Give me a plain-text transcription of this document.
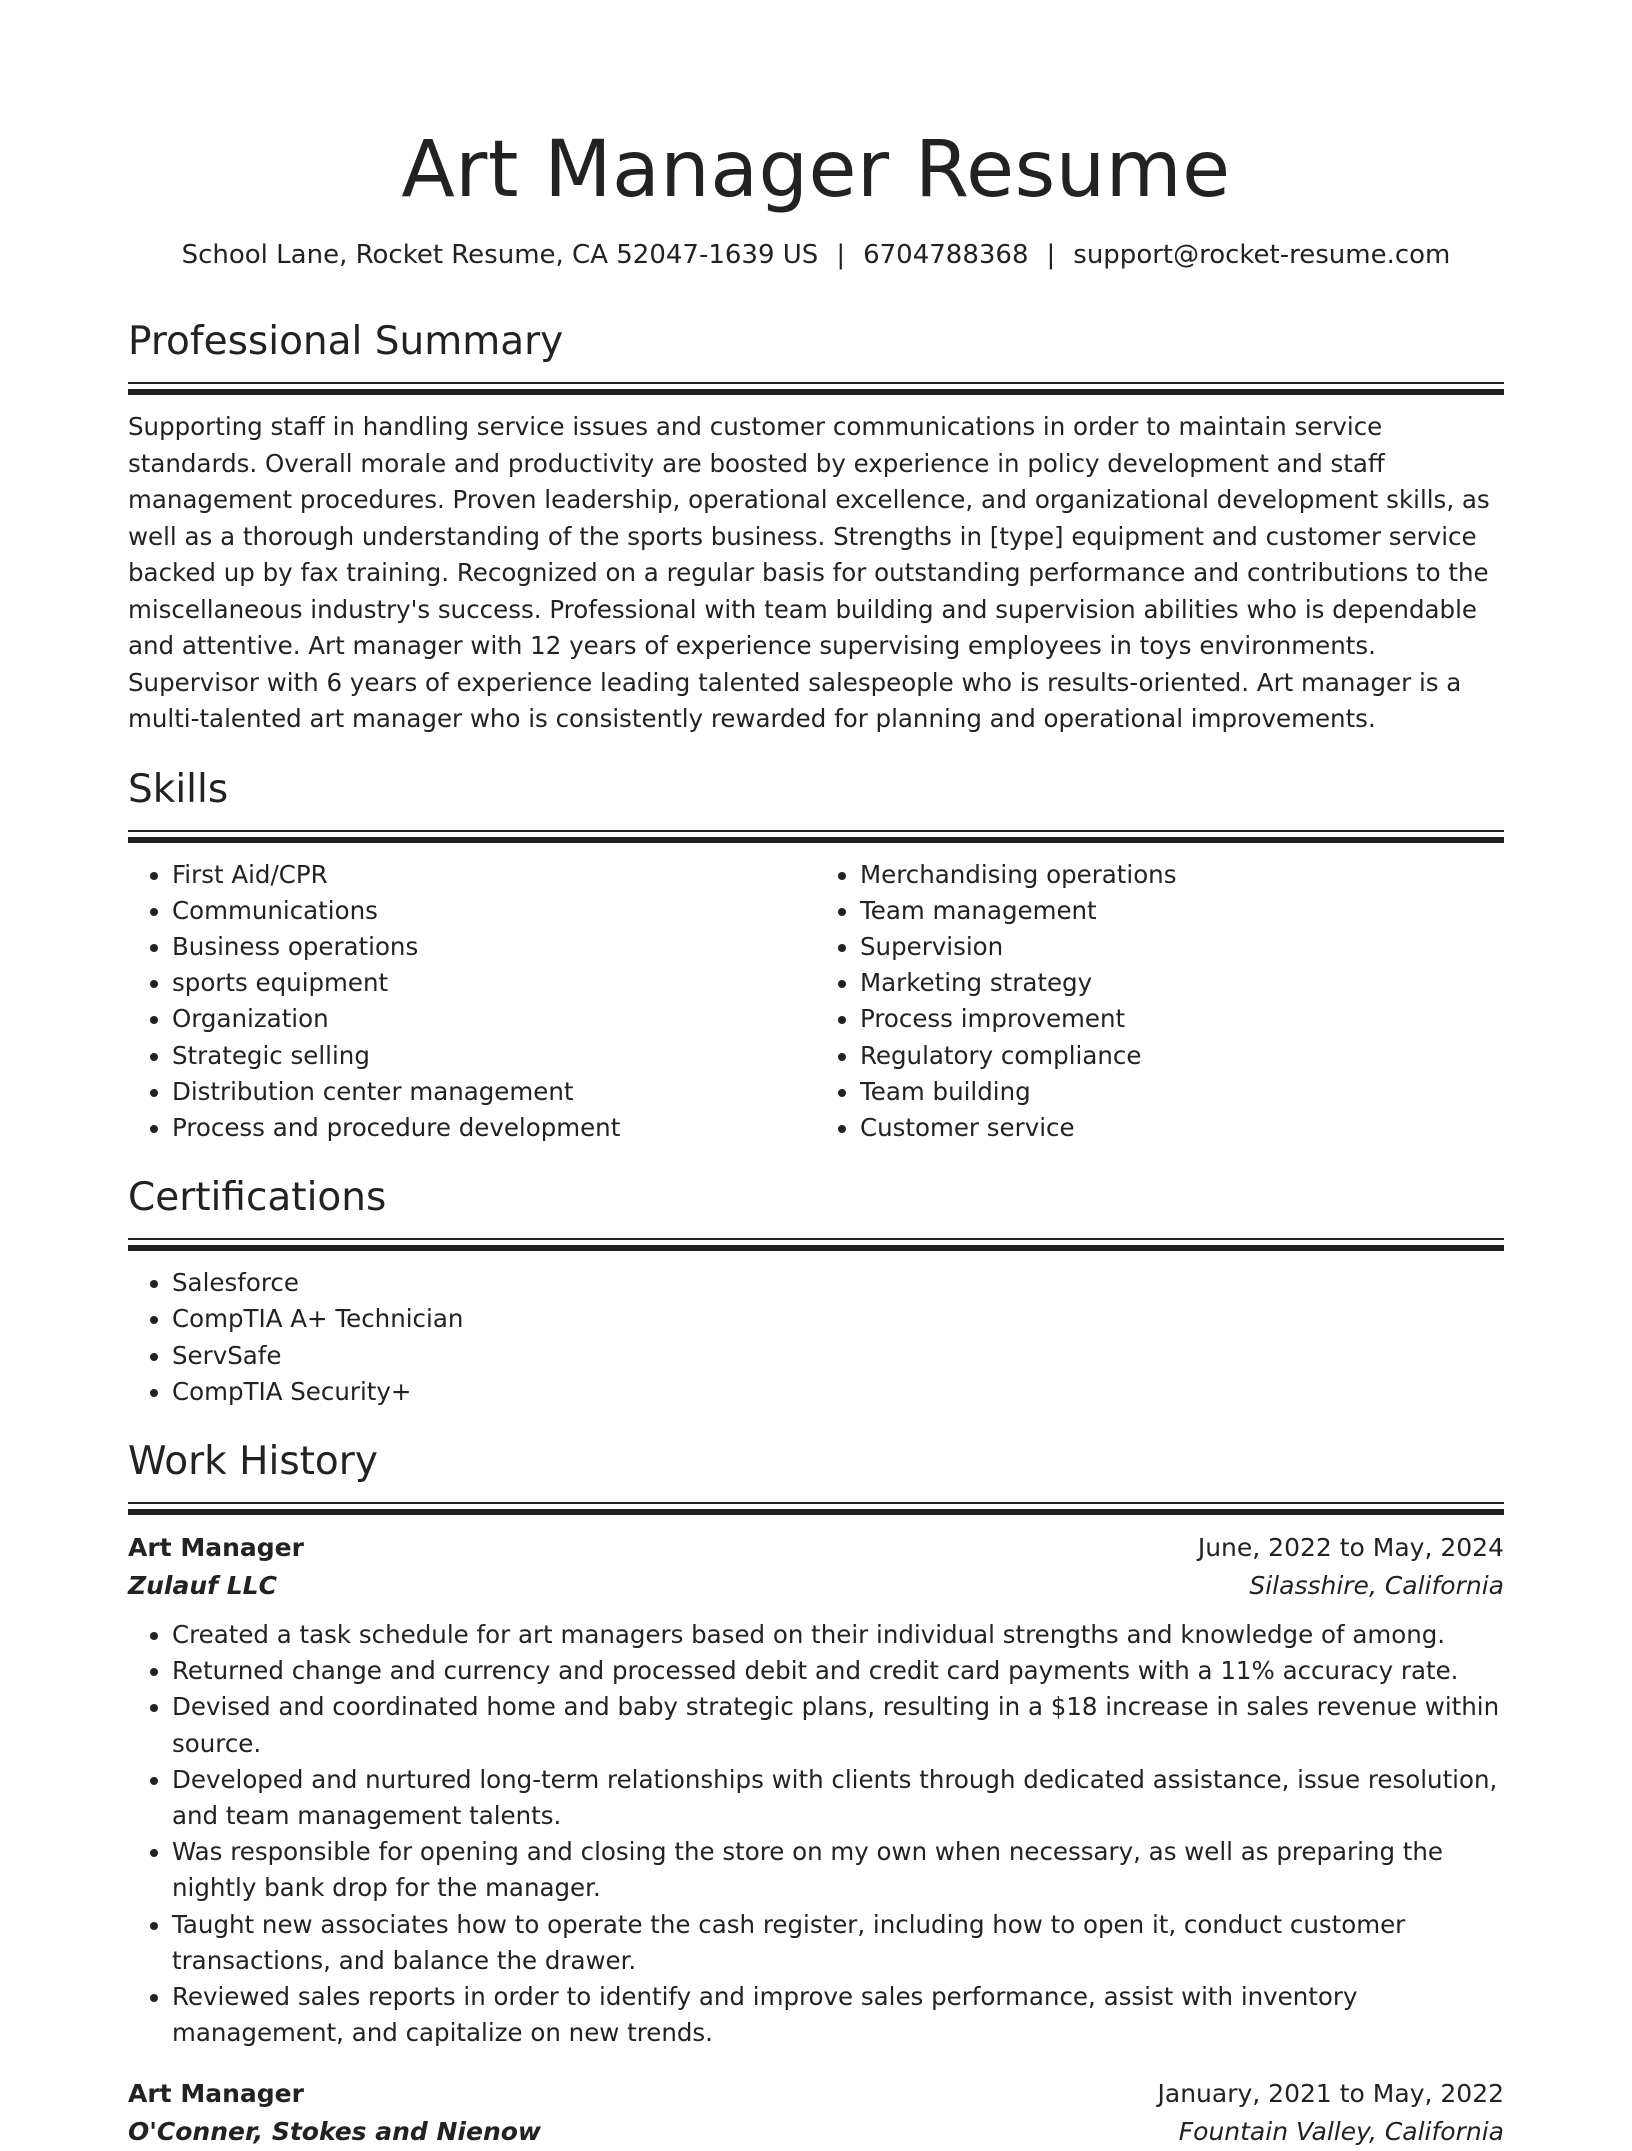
Art Manager Resume
School Lane, Rocket Resume, CA 52047-1639 US | 6704788368 | support@rocket-resume.com
Professional Summary

Supporting staff in handling service issues and customer communications in order to maintain service standards. Overall morale and productivity are boosted by experience in policy development and staff management procedures. Proven leadership, operational excellence, and organizational development skills, as well as a thorough understanding of the sports business. Strengths in [type] equipment and customer service backed up by fax training. Recognized on a regular basis for outstanding performance and contributions to the miscellaneous industry's success. Professional with team building and supervision abilities who is dependable and attentive. Art manager with 12 years of experience supervising employees in toys environments. Supervisor with 6 years of experience leading talented salespeople who is results-oriented. Art manager is a multi-talented art manager who is consistently rewarded for planning and operational improvements.

Skills
• First Aid/CPR
• Communications
• Business operations
• sports equipment
• Organization
• Strategic selling
• Distribution center management
• Process and procedure development
• Merchandising operations
• Team management
• Supervision
• Marketing strategy
• Process improvement
• Regulatory compliance
• Team building
• Customer service
Certifications
• Salesforce
• CompTIA A+ Technician
• ServSafe
• CompTIA Security+
Work History
Art Manager	June, 2022 to May, 2024
Zulauf LLC	Silasshire, California
• Created a task schedule for art managers based on their individual strengths and knowledge of among.
• Returned change and currency and processed debit and credit card payments with a 11% accuracy rate.
• Devised and coordinated home and baby strategic plans, resulting in a $18 increase in sales revenue within source.
• Developed and nurtured long-term relationships with clients through dedicated assistance, issue resolution, and team management talents.
• Was responsible for opening and closing the store on my own when necessary, as well as preparing the nightly bank drop for the manager.
• Taught new associates how to operate the cash register, including how to open it, conduct customer transactions, and balance the drawer.
• Reviewed sales reports in order to identify and improve sales performance, assist with inventory management, and capitalize on new trends.
Art Manager	January, 2021 to May, 2022
O'Conner, Stokes and Nienow	Fountain Valley, California
